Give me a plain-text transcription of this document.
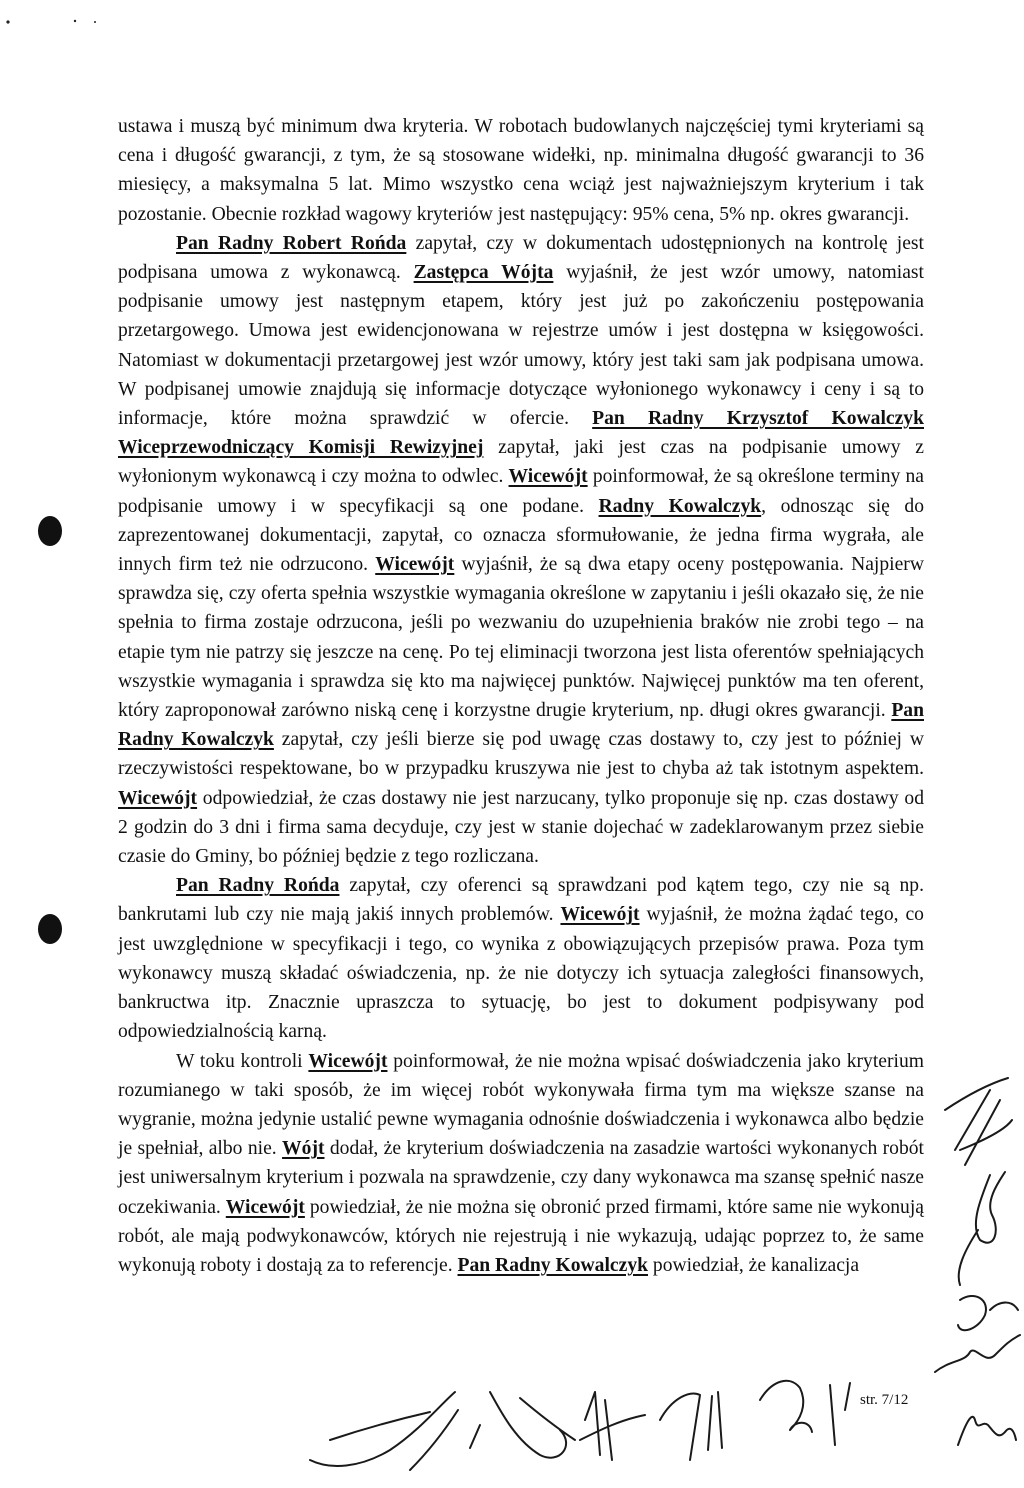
ustawa i muszą być minimum dwa kryteria. W robotach budowlanych najczęściej tymi kryteriami są cena i długość gwarancji, z tym, że są stosowane widełki, np. minimalna długość gwarancji to 36 miesięcy, a maksymalna 5 lat. Mimo wszystko cena wciąż jest najważniejszym kryterium i tak pozostanie. Obecnie rozkład wagowy kryteriów jest następujący: 95% cena, 5% np. okres gwarancji.

Pan Radny Robert Rońda zapytał, czy w dokumentach udostępnionych na kontrolę jest podpisana umowa z wykonawcą. Zastępca Wójta wyjaśnił, że jest wzór umowy, natomiast podpisanie umowy jest następnym etapem, który jest już po zakończeniu postępowania przetargowego. Umowa jest ewidencjonowana w rejestrze umów i jest dostępna w księgowości. Natomiast w dokumentacji przetargowej jest wzór umowy, który jest taki sam jak podpisana umowa. W podpisanej umowie znajdują się informacje dotyczące wyłonionego wykonawcy i ceny i są to informacje, które można sprawdzić w ofercie. Pan Radny Krzysztof Kowalczyk Wiceprzewodniczący Komisji Rewizyjnej zapytał, jaki jest czas na podpisanie umowy z wyłonionym wykonawcą i czy można to odwlec. Wicewójt poinformował, że są określone terminy na podpisanie umowy i w specyfikacji są one podane. Radny Kowalczyk, odnosząc się do zaprezentowanej dokumentacji, zapytał, co oznacza sformułowanie, że jedna firma wygrała, ale innych firm też nie odrzucono. Wicewójt wyjaśnił, że są dwa etapy oceny postępowania. Najpierw sprawdza się, czy oferta spełnia wszystkie wymagania określone w zapytaniu i jeśli okazało się, że nie spełnia to firma zostaje odrzucona, jeśli po wezwaniu do uzupełnienia braków nie zrobi tego – na etapie tym nie patrzy się jeszcze na cenę. Po tej eliminacji tworzona jest lista oferentów spełniających wszystkie wymagania i sprawdza się kto ma najwięcej punktów. Najwięcej punktów ma ten oferent, który zaproponował zarówno niską cenę i korzystne drugie kryterium, np. długi okres gwarancji. Pan Radny Kowalczyk zapytał, czy jeśli bierze się pod uwagę czas dostawy to, czy jest to później w rzeczywistości respektowane, bo w przypadku kruszywa nie jest to chyba aż tak istotnym aspektem. Wicewójt odpowiedział, że czas dostawy nie jest narzucany, tylko proponuje się np. czas dostawy od 2 godzin do 3 dni i firma sama decyduje, czy jest w stanie dojechać w zadeklarowanym przez siebie czasie do Gminy, bo później będzie z tego rozliczana.

Pan Radny Rońda zapytał, czy oferenci są sprawdzani pod kątem tego, czy nie są np. bankrutami lub czy nie mają jakiś innych problemów. Wicewójt wyjaśnił, że można żądać tego, co jest uwzględnione w specyfikacji i tego, co wynika z obowiązujących przepisów prawa. Poza tym wykonawcy muszą składać oświadczenia, np. że nie dotyczy ich sytuacja zaległości finansowych, bankructwa itp. Znacznie upraszcza to sytuację, bo jest to dokument podpisywany pod odpowiedzialnością karną.

W toku kontroli Wicewójt poinformował, że nie można wpisać doświadczenia jako kryterium rozumianego w taki sposób, że im więcej robót wykonywała firma tym ma większe szanse na wygranie, można jedynie ustalić pewne wymagania odnośnie doświadczenia i wykonawca albo będzie je spełniał, albo nie. Wójt dodał, że kryterium doświadczenia na zasadzie wartości wykonanych robót jest uniwersalnym kryterium i pozwala na sprawdzenie, czy dany wykonawca ma szansę spełnić nasze oczekiwania. Wicewójt powiedział, że nie można się obronić przed firmami, które same nie wykonują robót, ale mają podwykonawców, których nie rejestrują i nie wykazują, udając poprzez to, że same wykonują roboty i dostają za to referencje. Pan Radny Kowalczyk powiedział, że kanalizacja

str. 7/12
